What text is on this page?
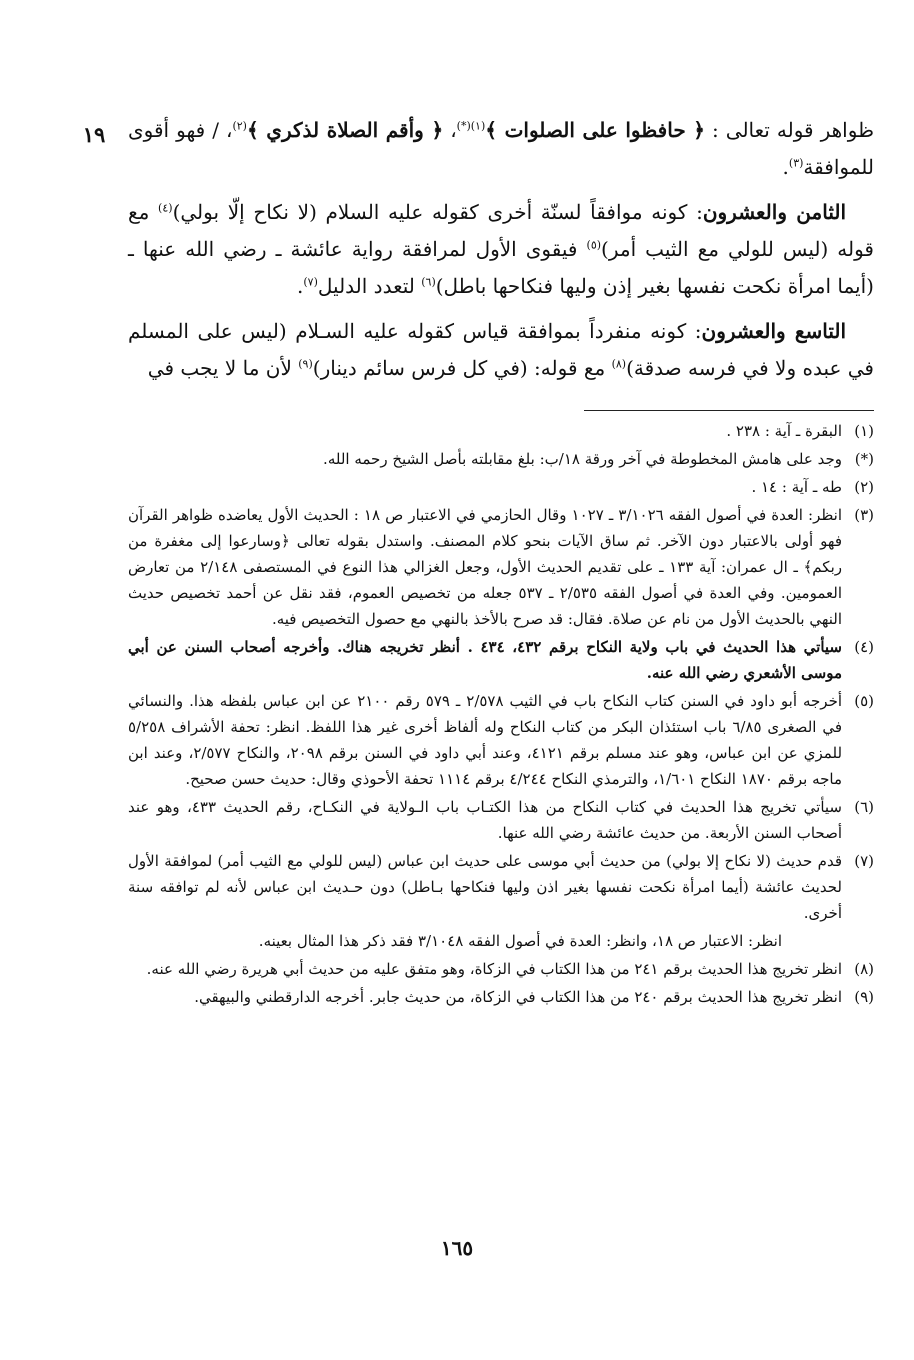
١٩	ظواهر قوله تعالى : ﴿ حافظوا على الصلوات ﴾$^{(١)(*)}$، ﴿ وأقم الصلاة لذكري ﴾$^{(٢)}$، / فهو أقوى للموافقة$^{(٣)}$.

الثامن والعشرون: كونه موافقاً لسنّة أخرى كقوله عليه السلام (لا نكاح إلّا بولي)$^{(٤)}$ مع قوله (ليس للولي مع الثيب أمر)$^{(٥)}$ فيقوى الأول لمرافقة رواية عائشة ـ رضي الله عنها ـ (أيما امرأة نكحت نفسها بغير إذن وليها فنكاحها باطل)$^{(٦)}$ لتعدد الدليل$^{(٧)}$.

التاسع والعشرون: كونه منفرداً بموافقة قياس كقوله عليه السـلام (ليس على المسلم في عبده ولا في فرسه صدقة)$^{(٨)}$ مع قوله: (في كل فرس سائم دينار)$^{(٩)}$ لأن ما لا يجب في

(١)
البقرة ـ آية : ٢٣٨ .
(*)
وجد على هامش المخطوطة في آخر ورقة ١٨/ب: بلغ مقابلته بأصل الشيخ رحمه الله.
(٢)
طه ـ آية : ١٤ .
(٣)
انظر: العدة في أصول الفقه ٣/١٠٢٦ ـ ١٠٢٧ وقال الحازمي في الاعتبار ص ١٨ : الحديث الأول يعاضده ظواهر القرآن فهو أولى بالاعتبار دون الآخر. ثم ساق الآيات بنحو كلام المصنف. واستدل بقوله تعالى ﴿وسارعوا إلى مغفرة من ربكم﴾ ـ ال عمران: آية ١٣٣ ـ على تقديم الحديث الأول، وجعل الغزالي هذا النوع في المستصفى ٢/١٤٨ من تعارض العمومين. وفي العدة في أصول الفقه ٢/٥٣٥ ـ ٥٣٧ جعله من تخصيص العموم، فقد نقل عن أحمد تخصيص حديث النهي بالحديث الأول من نام عن صلاة. فقال: قد صرح بالأخذ بالنهي مع حصول التخصيص فيه.
(٤)
سيأتي هذا الحديث في باب ولاية النكاح برقم ٤٣٢، ٤٣٤ . أنظر تخريجه هناك. وأخرجه أصحاب السنن عن أبي موسى الأشعري رضي الله عنه.
(٥)
أخرجه أبو داود في السنن كتاب النكاح باب في الثيب ٢/٥٧٨ ـ ٥٧٩ رقم ٢١٠٠ عن ابن عباس بلفظه هذا. والنسائي في الصغرى ٦/٨٥ باب استئذان البكر من كتاب النكاح وله ألفاظ أخرى غير هذا اللفظ. انظر: تحفة الأشراف ٥/٢٥٨ للمزي عن ابن عباس، وهو عند مسلم برقم ٤١٢١، وعند أبي داود في السنن برقم ٢٠٩٨، والنكاح ٢/٥٧٧، وعند ابن ماجه برقم ١٨٧٠ النكاح ١/٦٠١، والترمذي النكاح ٤/٢٤٤ برقم ١١١٤ تحفة الأحوذي وقال: حديث حسن صحيح.
(٦)
سيأتي تخريج هذا الحديث في كتاب النكاح من هذا الكتـاب باب الـولاية في النكـاح، رقم الحديث ٤٣٣، وهو عند أصحاب السنن الأربعة. من حديث عائشة رضي الله عنها.
(٧)
قدم حديث (لا نكاح إلا بولي) من حديث أبي موسى على حديث ابن عباس (ليس للولي مع الثيب أمر) لموافقة الأول لحديث عائشة (أيما امرأة نكحت نفسها بغير اذن وليها فنكاحها بـاطل) دون حـديث ابن عباس لأنه لم توافقه سنة أخرى.
انظر: الاعتبار ص ١٨، وانظر: العدة في أصول الفقه ٣/١٠٤٨ فقد ذكر هذا المثال بعينه.
(٨)
انظر تخريج هذا الحديث برقم ٢٤١ من هذا الكتاب في الزكاة، وهو متفق عليه من حديث أبي هريرة رضي الله عنه.
(٩)
انظر تخريج هذا الحديث برقم ٢٤٠ من هذا الكتاب في الزكاة، من حديث جابر. أخرجه الدارقطني والبيهقي.
١٦٥
